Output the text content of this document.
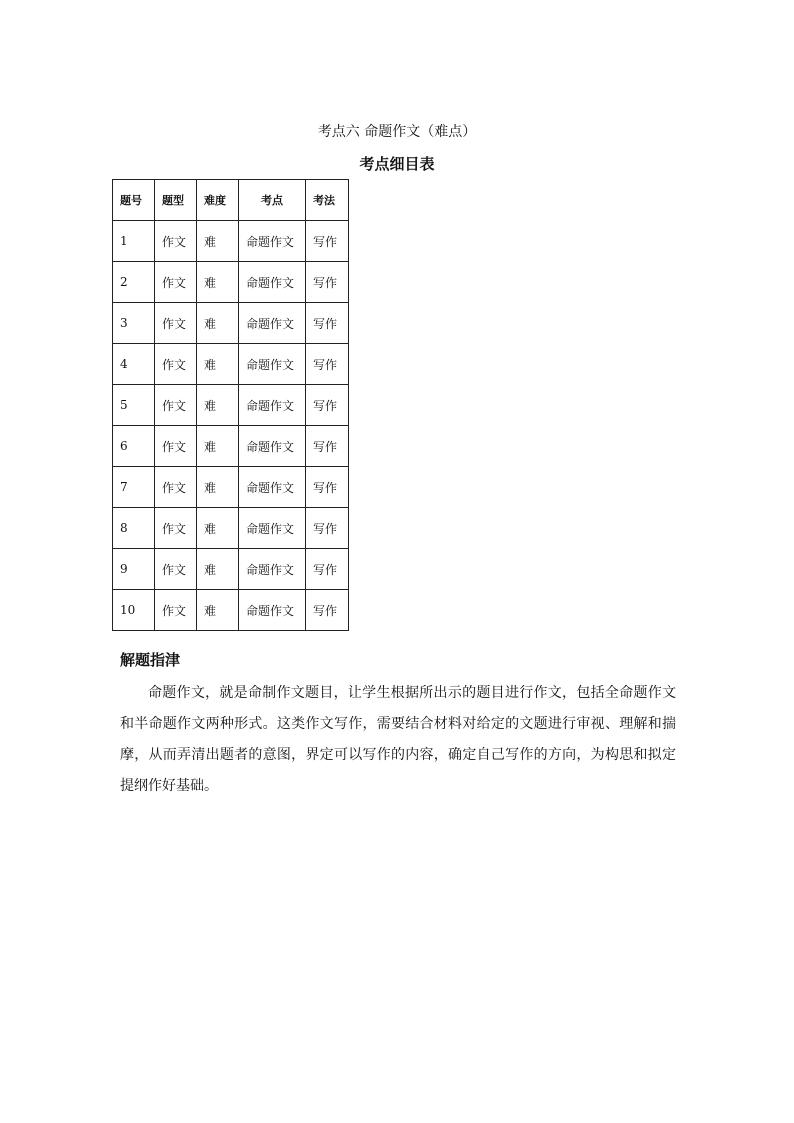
考点六 命题作文（难点）
考点细目表
题号	题型	难度	考点	考法
1	作文	难	命题作文	写作
2	作文	难	命题作文	写作
3	作文	难	命题作文	写作
4	作文	难	命题作文	写作
5	作文	难	命题作文	写作
6	作文	难	命题作文	写作
7	作文	难	命题作文	写作
8	作文	难	命题作文	写作
9	作文	难	命题作文	写作
10	作文	难	命题作文	写作
解题指津

命题作文，就是命制作文题目，让学生根据所出示的题目进行作文，包括全命题作文和半命题作文两种形式。这类作文写作，需要结合材料对给定的文题进行审视、理解和揣摩，从而弄清出题者的意图，界定可以写作的内容，确定自己写作的方向，为构思和拟定提纲作好基础。
